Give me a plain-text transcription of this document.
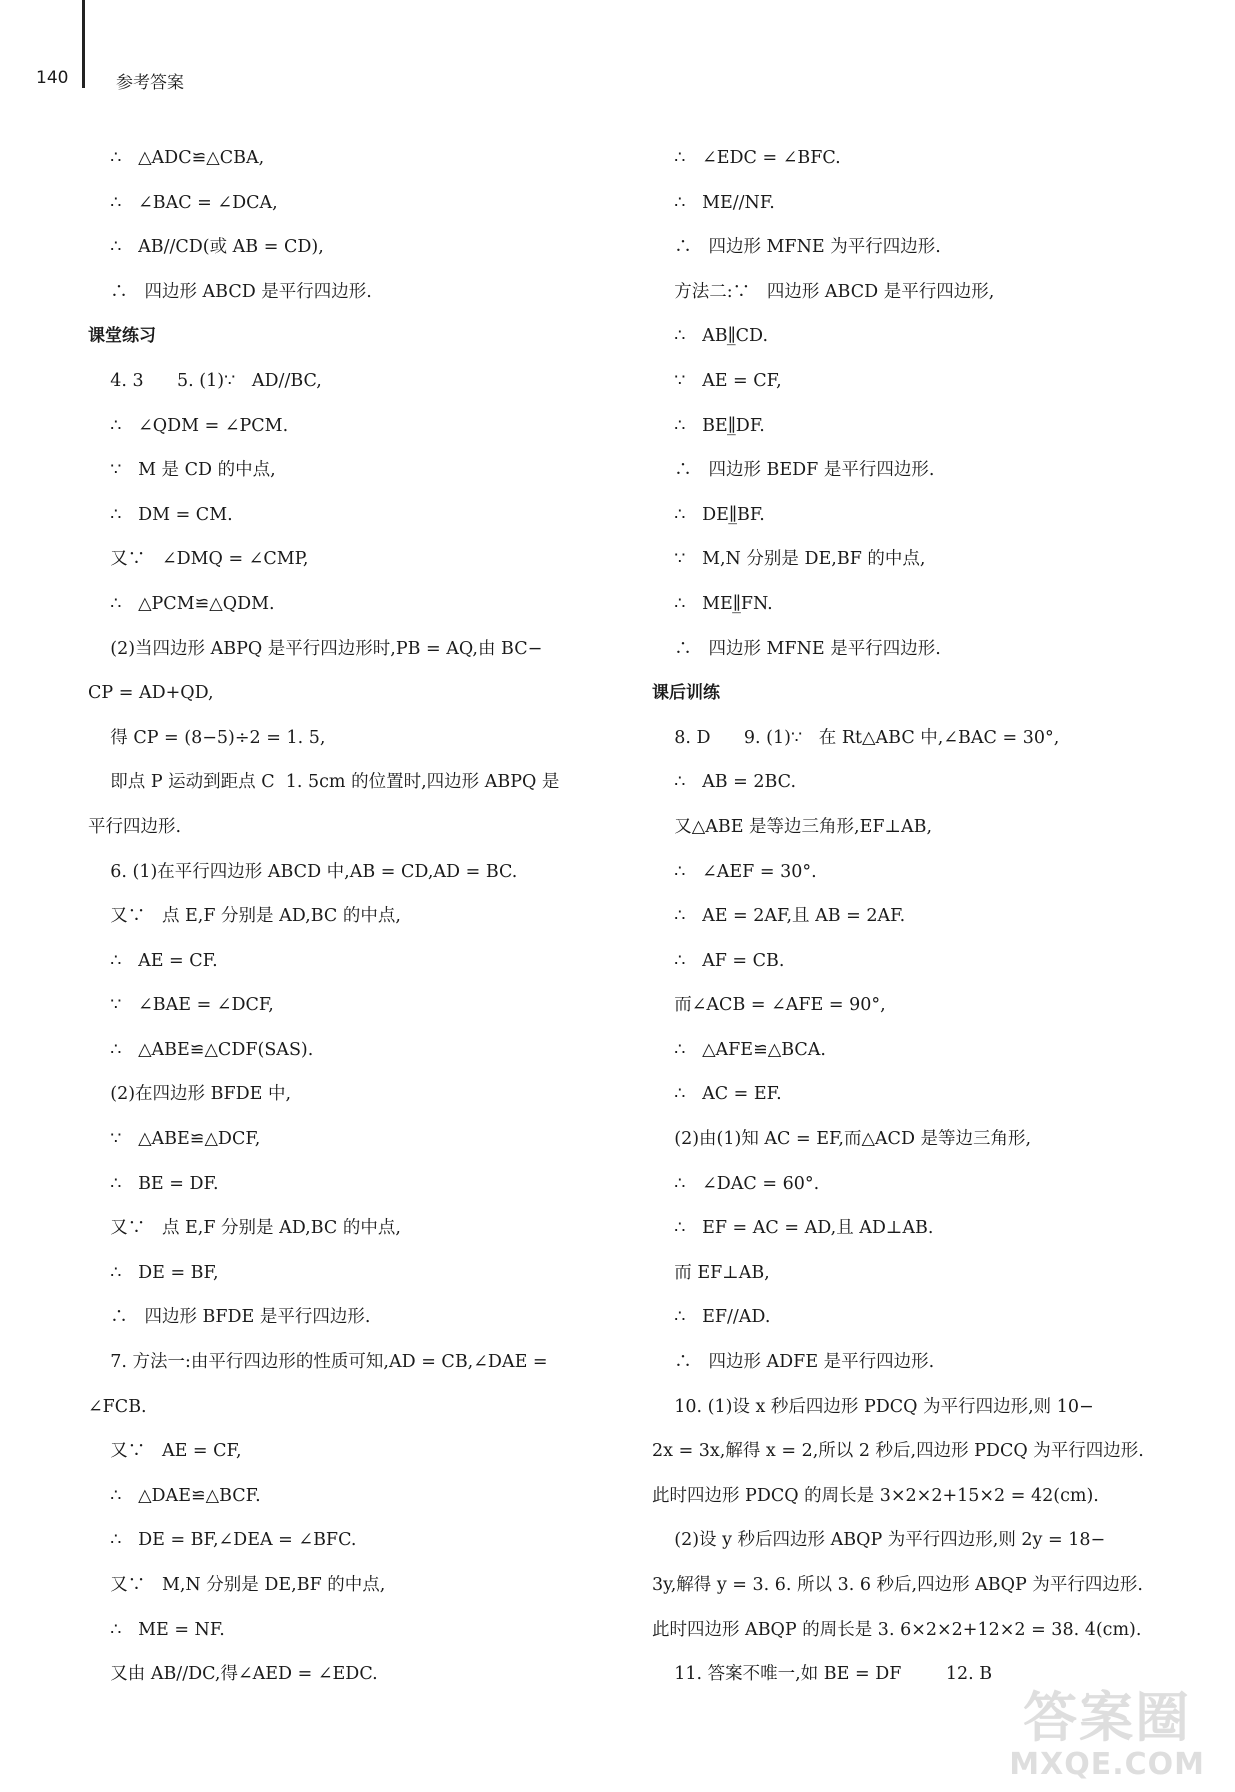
140	参考答案
∴   △ADC≌△CBA,
∴   ∠BAC = ∠DCA,
∴   AB//CD(或 AB = CD),
∴   四边形 ABCD 是平行四边形.
课堂练习
4. 3      5. (1)∵   AD//BC,
∴   ∠QDM = ∠PCM.
∵   M 是 CD 的中点,
∴   DM = CM.
又∵   ∠DMQ = ∠CMP,
∴   △PCM≌△QDM.
(2)当四边形 ABPQ 是平行四边形时,PB = AQ,由 BC−
CP = AD+QD,
得 CP = (8−5)÷2 = 1. 5,
即点 P 运动到距点 C  1. 5cm 的位置时,四边形 ABPQ 是
平行四边形.
6. (1)在平行四边形 ABCD 中,AB = CD,AD = BC.
又∵   点 E,F 分别是 AD,BC 的中点,
∴   AE = CF.
∵   ∠BAE = ∠DCF,
∴   △ABE≌△CDF(SAS).
(2)在四边形 BFDE 中,
∵   △ABE≌△DCF,
∴   BE = DF.
又∵   点 E,F 分别是 AD,BC 的中点,
∴   DE = BF,
∴   四边形 BFDE 是平行四边形.
7. 方法一:由平行四边形的性质可知,AD = CB,∠DAE =
∠FCB.
又∵   AE = CF,
∴   △DAE≌△BCF.
∴   DE = BF,∠DEA = ∠BFC.
又∵   M,N 分别是 DE,BF 的中点,
∴   ME = NF.
又由 AB//DC,得∠AED = ∠EDC.
∴   ∠EDC = ∠BFC.
∴   ME//NF.
∴   四边形 MFNE 为平行四边形.
方法二:∵   四边形 ABCD 是平行四边形,
∴   AB∥̲CD.
∵   AE = CF,
∴   BE∥̲DF.
∴   四边形 BEDF 是平行四边形.
∴   DE∥̲BF.
∵   M,N 分别是 DE,BF 的中点,
∴   ME∥̲FN.
∴   四边形 MFNE 是平行四边形.
课后训练
8. D      9. (1)∵   在 Rt△ABC 中,∠BAC = 30°,
∴   AB = 2BC.
又△ABE 是等边三角形,EF⊥AB,
∴   ∠AEF = 30°.
∴   AE = 2AF,且 AB = 2AF.
∴   AF = CB.
而∠ACB = ∠AFE = 90°,
∴   △AFE≌△BCA.
∴   AC = EF.
(2)由(1)知 AC = EF,而△ACD 是等边三角形,
∴   ∠DAC = 60°.
∴   EF = AC = AD,且 AD⊥AB.
而 EF⊥AB,
∴   EF//AD.
∴   四边形 ADFE 是平行四边形.
10. (1)设 x 秒后四边形 PDCQ 为平行四边形,则 10−
2x = 3x,解得 x = 2,所以 2 秒后,四边形 PDCQ 为平行四边形.
此时四边形 PDCQ 的周长是 3×2×2+15×2 = 42(cm).
(2)设 y 秒后四边形 ABQP 为平行四边形,则 2y = 18−
3y,解得 y = 3. 6. 所以 3. 6 秒后,四边形 ABQP 为平行四边形.
此时四边形 ABQP 的周长是 3. 6×2×2+12×2 = 38. 4(cm).
11. 答案不唯一,如 BE = DF        12. B
答案圈
MXQE.COM
